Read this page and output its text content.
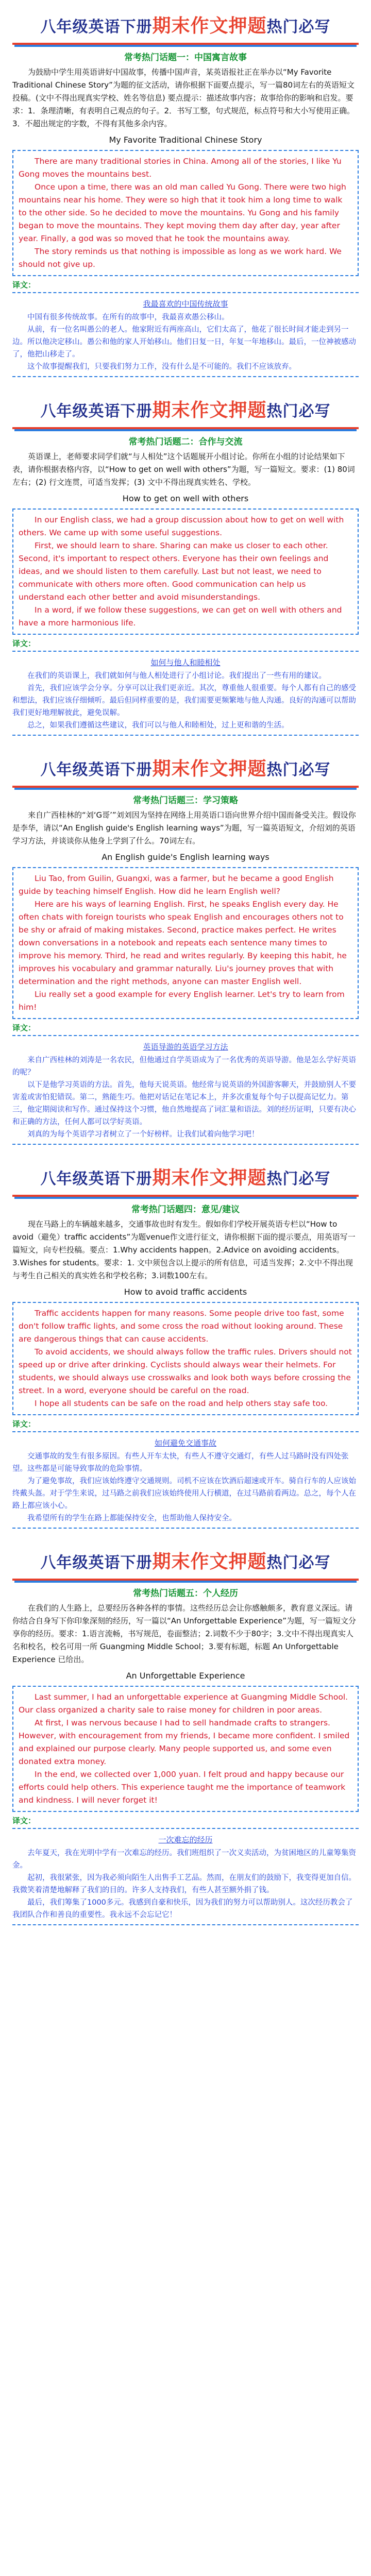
八年级英语下册期末作文押题热门必写
常考热门话题一：中国寓言故事

为鼓励中学生用英语讲好中国故事，传播中国声音，某英语报社正在举办以“My Favorite Traditional Chinese Story”为题的征文活动，请你根据下面要点提示，写一篇80词左右的英语短文投稿。(文中不得出现真实学校、姓名等信息) 要点提示：描述故事内容；故事给你的影响和启发。要求：1．条理清晰，有表明自己观点的句子。2．书写工整，句式规范，标点符号和大小写使用正确。3．不超出规定的字数，不得有其他多余内容。

My Favorite Traditional Chinese Story

There are many traditional stories in China. Among all of the stories, I like Yu Gong moves the mountains best.

Once upon a time, there was an old man called Yu Gong. There were two high mountains near his home. They were so high that it took him a long time to walk to the other side. So he decided to move the mountains. Yu Gong and his family began to move the mountains. They kept moving them day after day, year after year. Finally, a god was so moved that he took the mountains away.

The story reminds us that nothing is impossible as long as we work hard. We should not give up.

译文：
我最喜欢的中国传统故事

中国有很多传统故事。在所有的故事中，我最喜欢愚公移山。

从前，有一位名叫愚公的老人。他家附近有两座高山，它们太高了，他花了很长时间才能走到另一边。所以他决定移山。愚公和他的家人开始移山。他们日复一日，年复一年地移山。最后，一位神被感动了，他把山移走了。

这个故事提醒我们，只要我们努力工作，没有什么是不可能的。我们不应该放弃。

八年级英语下册期末作文押题热门必写
常考热门话题二：合作与交流

英语课上，老师要求同学们就“与人相处”这个话题展开小组讨论。你所在小组的讨论结果如下表，请你根据表格内容，以“How to get on well with others”为题，写一篇短文。要求：(1) 80词左右；(2) 行文连贯，可适当发挥；(3) 文中不得出现真实姓名、学校。

How to get on well with others

In our English class, we had a group discussion about how to get on well with others. We came up with some useful suggestions.

First, we should learn to share. Sharing can make us closer to each other. Second, it's important to respect others. Everyone has their own feelings and ideas, and we should listen to them carefully. Last but not least, we need to communicate with others more often. Good communication can help us understand each other better and avoid misunderstandings.

In a word, if we follow these suggestions, we can get on well with others and have a more harmonious life.

译文：
如何与他人和睦相处

在我们的英语课上，我们就如何与他人相处进行了小组讨论。我们提出了一些有用的建议。

首先，我们应该学会分享。分享可以让我们更亲近。其次，尊重他人很重要。每个人都有自己的感受和想法，我们应该仔细倾听。最后但同样重要的是，我们需要更频繁地与他人沟通。良好的沟通可以帮助我们更好地理解彼此，避免误解。

总之，如果我们遵循这些建议，我们可以与他人和睦相处，过上更和谐的生活。

八年级英语下册期末作文押题热门必写
常考热门话题三：学习策略

来自广西桂林的“刘‘G哥’”刘刘因为坚持在网络上用英语口语向世界介绍中国而备受关注。假设你是李华，请以“An English guide's English learning ways”为题，写一篇英语短文，介绍刘的英语学习方法，并谈谈你从他身上学到了什么。70词左右。

An English guide's English learning ways

Liu Tao, from Guilin, Guangxi, was a farmer, but he became a good English guide by teaching himself English. How did he learn English well?

Here are his ways of learning English. First, he speaks English every day. He often chats with foreign tourists who speak English and encourages others not to be shy or afraid of making mistakes. Second, practice makes perfect. He writes down conversations in a notebook and repeats each sentence many times to improve his memory. Third, he read and writes regularly. By keeping this habit, he improves his vocabulary and grammar naturally. Liu's journey proves that with determination and the right methods, anyone can master English well.

Liu really set a good example for every English learner. Let's try to learn from him!

译文：
英语导游的英语学习方法

来自广西桂林的刘涛是一名农民，但他通过自学英语成为了一名优秀的英语导游。他是怎么学好英语的呢？

以下是他学习英语的方法。首先，他每天说英语。他经常与说英语的外国游客聊天，并鼓励别人不要害羞或害怕犯错误。第二，熟能生巧。他把对话记在笔记本上，并多次重复每个句子以提高记忆力。第三，他定期阅读和写作。通过保持这个习惯，他自然地提高了词汇量和语法。刘的经历证明，只要有决心和正确的方法，任何人都可以学好英语。

刘真的为每个英语学习者树立了一个好榜样。让我们试着向他学习吧！

八年级英语下册期末作文押题热门必写
常考热门话题四：意见/建议

现在马路上的车辆越来越多，交通事故也时有发生。假如你们学校开展英语专栏以“How to avoid（避免）traffic accidents”为题venue作文进行征文，请你根据下面的提示要点，用英语写一篇短文，向专栏投稿。要点：1.Why accidents happen。2.Advice on avoiding accidents。3.Wishes for students。要求：1. 文中须包含以上提示的所有信息，可适当发挥；2.文中不得出现与考生自己相关的真实姓名和学校名称；3.词数100左右。

How to avoid traffic accidents

Traffic accidents happen for many reasons. Some people drive too fast, some don't follow traffic lights, and some cross the road without looking around. These are dangerous things that can cause accidents.

To avoid accidents, we should always follow the traffic rules. Drivers should not speed up or drive after drinking. Cyclists should always wear their helmets. For students, we should always use crosswalks and look both ways before crossing the street. In a word, everyone should be careful on the road.

I hope all students can be safe on the road and help others stay safe too.

译文：
如何避免交通事故

交通事故的发生有很多原因。有些人开车太快，有些人不遵守交通灯，有些人过马路时没有四处张望。这些都是可能导致事故的危险事情。

为了避免事故，我们应该始终遵守交通规则。司机不应该在饮酒后超速或开车。骑自行车的人应该始终戴头盔。对于学生来说，过马路之前我们应该始终使用人行横道，在过马路前看两边。总之，每个人在路上都应该小心。

我希望所有的学生在路上都能保持安全，也帮助他人保持安全。

八年级英语下册期末作文押题热门必写
常考热门话题五：个人经历

在我们的人生路上，总要经历各种各样的事情。这些经历总会让你感触颇多，教育意义深远。请你结合自身写下你印象深刻的经历，写一篇以“An Unforgettable Experience”为题，写一篇短文分享你的经历。要求：1.语言流畅，书写规范，卷面整洁；2.词数不少于80字；3.文中不得出现真实人名和校名，校名可用一所 Guangming Middle School；3.要有标题，标题 An Unforgettable Experience 已给出。

An Unforgettable Experience

Last summer, I had an unforgettable experience at Guangming Middle School. Our class organized a charity sale to raise money for children in poor areas.

At first, I was nervous because I had to sell handmade crafts to strangers. However, with encouragement from my friends, I became more confident. I smiled and explained our purpose clearly. Many people supported us, and some even donated extra money.

In the end, we collected over 1,000 yuan. I felt proud and happy because our efforts could help others. This experience taught me the importance of teamwork and kindness. I will never forget it!

译文：
一次难忘的经历

去年夏天，我在光明中学有一次难忘的经历。我们班组织了一次义卖活动，为贫困地区的儿童筹集资金。

起初，我很紧张，因为我必须向陌生人出售手工艺品。然而，在朋友们的鼓励下，我变得更加自信。我微笑着清楚地解释了我们的目的。许多人支持我们，有些人甚至额外捐了钱。

最后，我们筹集了1000多元。我感到自豪和快乐，因为我们的努力可以帮助别人。这次经历教会了我团队合作和善良的重要性。我永远不会忘记它！
